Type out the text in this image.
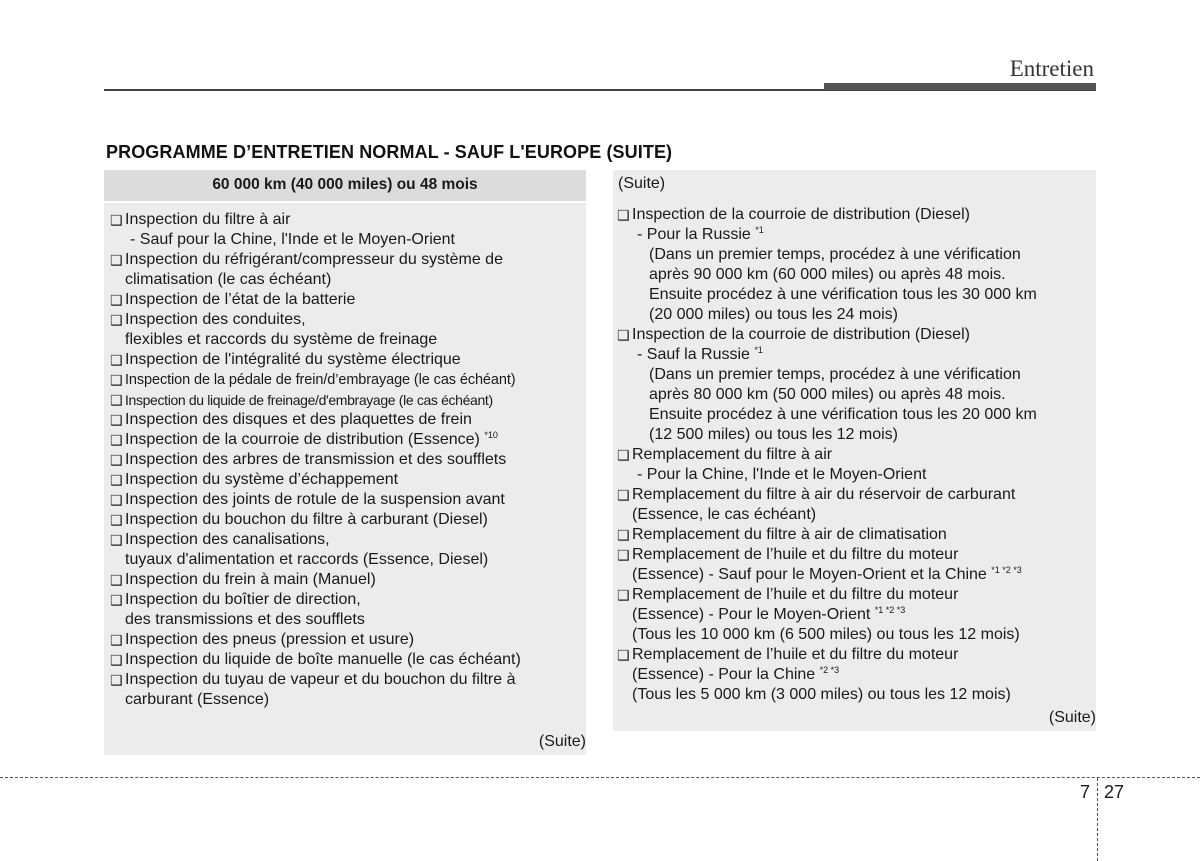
Entretien
PROGRAMME D’ENTRETIEN NORMAL - SAUF L'EUROPE (SUITE)
60 000 km (40 000 miles) ou 48 mois
❑ Inspection du filtre à air
- Sauf pour la Chine, l'Inde et le Moyen-Orient
❑ Inspection du réfrigérant/compresseur du système de
climatisation (le cas échéant)
❑ Inspection de l’état de la batterie
❑ Inspection des conduites,
flexibles et raccords du système de freinage
❑ Inspection de l'intégralité du système électrique
❑ Inspection de la pédale de frein/d’embrayage (le cas échéant)
❑ Inspection du liquide de freinage/d'embrayage (le cas échéant)
❑ Inspection des disques et des plaquettes de frein
❑ Inspection de la courroie de distribution (Essence) $^{*10}$
❑ Inspection des arbres de transmission et des soufflets
❑ Inspection du système d’échappement
❑ Inspection des joints de rotule de la suspension avant
❑ Inspection du bouchon du filtre à carburant (Diesel)
❑ Inspection des canalisations,
tuyaux d'alimentation et raccords (Essence, Diesel)
❑ Inspection du frein à main (Manuel)
❑ Inspection du boîtier de direction,
des transmissions et des soufflets
❑ Inspection des pneus (pression et usure)
❑ Inspection du liquide de boîte manuelle (le cas échéant)
❑ Inspection du tuyau de vapeur et du bouchon du filtre à
carburant (Essence)
(Suite)
(Suite)
❑ Inspection de la courroie de distribution (Diesel)
- Pour la Russie $^{*1}$
(Dans un premier temps, procédez à une vérification
après 90 000 km (60 000 miles) ou après 48 mois.
Ensuite procédez à une vérification tous les 30 000 km
(20 000 miles) ou tous les 24 mois)
❑ Inspection de la courroie de distribution (Diesel)
- Sauf la Russie $^{*1}$
(Dans un premier temps, procédez à une vérification
après 80 000 km (50 000 miles) ou après 48 mois.
Ensuite procédez à une vérification tous les 20 000 km
(12 500 miles) ou tous les 12 mois)
❑ Remplacement du filtre à air
- Pour la Chine, l'Inde et le Moyen-Orient
❑ Remplacement du filtre à air du réservoir de carburant
(Essence, le cas échéant)
❑ Remplacement du filtre à air de climatisation
❑ Remplacement de l’huile et du filtre du moteur
(Essence) - Sauf pour le Moyen-Orient et la Chine $^{*1 *2 *3}$
❑ Remplacement de l’huile et du filtre du moteur
(Essence) - Pour le Moyen-Orient $^{*1 *2 *3}$
(Tous les 10 000 km (6 500 miles) ou tous les 12 mois)
❑ Remplacement de l’huile et du filtre du moteur
(Essence) - Pour la Chine $^{*2 *3}$
(Tous les 5 000 km (3 000 miles) ou tous les 12 mois)
(Suite)
7 27
